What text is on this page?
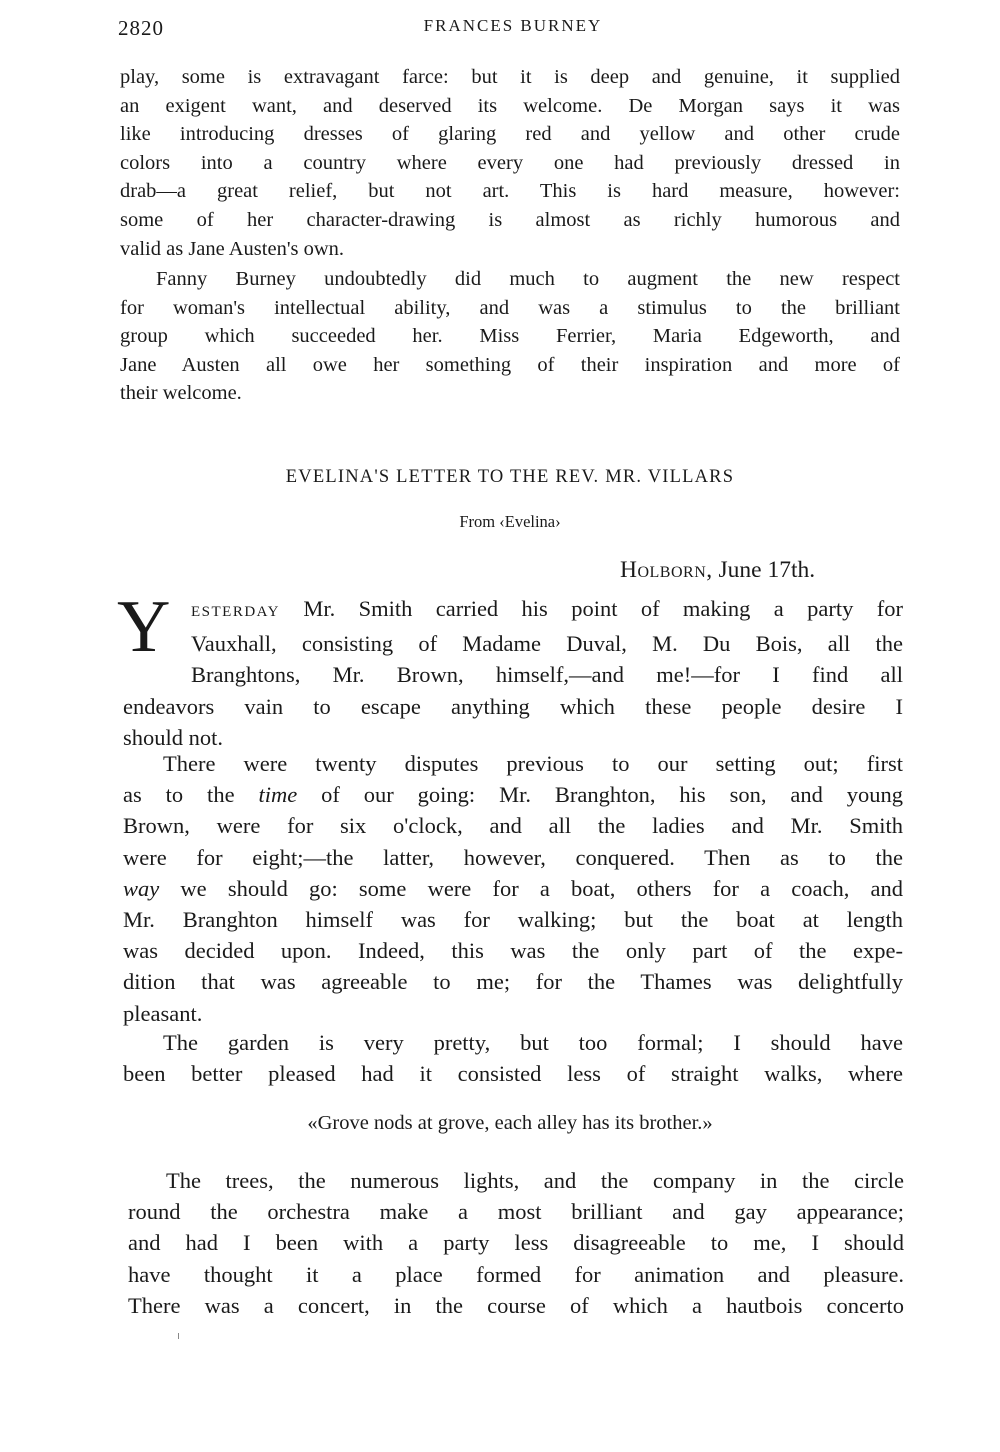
2820	FRANCES BURNEY
play, some is extravagant farce: but it is deep and genuine, it supplied
an exigent want, and deserved its welcome. De Morgan says it was
like introducing dresses of glaring red and yellow and other crude
colors into a country where every one had previously dressed in
drab—a great relief, but not art. This is hard measure, however:
some of her character-drawing is almost as richly humorous and
valid as Jane Austen's own.
Fanny Burney undoubtedly did much to augment the new respect
for woman's intellectual ability, and was a stimulus to the brilliant
group which succeeded her. Miss Ferrier, Maria Edgeworth, and
Jane Austen all owe her something of their inspiration and more of
their welcome.
EVELINA'S LETTER TO THE REV. MR. VILLARS
From ‹Evelina›
Holborn, June 17th.
Y	ESTERDAY Mr. Smith carried his point of making a party for
Vauxhall, consisting of Madame Duval, M. Du Bois, all the
Branghtons, Mr. Brown, himself,—and me!—for I find all
endeavors vain to escape anything which these people desire I
should not.
There were twenty disputes previous to our setting out; first
as to the time of our going: Mr. Branghton, his son, and young
Brown, were for six o'clock, and all the ladies and Mr. Smith
were for eight;—the latter, however, conquered. Then as to the
way we should go: some were for a boat, others for a coach, and
Mr. Branghton himself was for walking; but the boat at length
was decided upon. Indeed, this was the only part of the expe-
dition that was agreeable to me; for the Thames was delightfully
pleasant.
The garden is very pretty, but too formal; I should have
been better pleased had it consisted less of straight walks, where
«Grove nods at grove, each alley has its brother.»
The trees, the numerous lights, and the company in the circle
round the orchestra make a most brilliant and gay appearance;
and had I been with a party less disagreeable to me, I should
have thought it a place formed for animation and pleasure.
There was a concert, in the course of which a hautbois concerto
